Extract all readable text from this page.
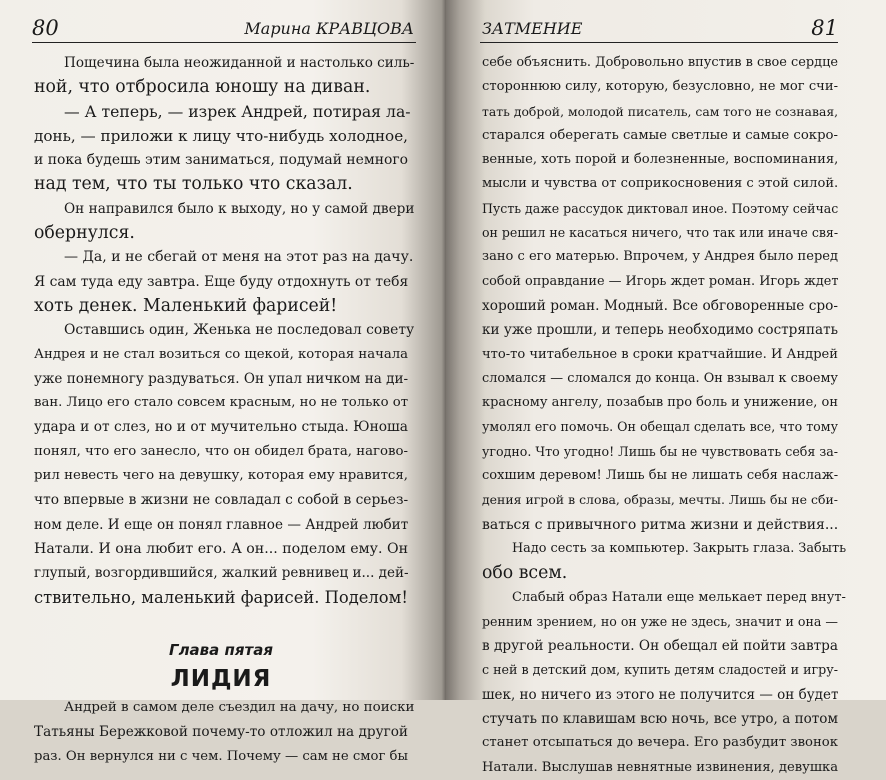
80	Марина КРАВЦОВА
Пощечина была неожиданной и настолько силь-
ной, что отбросила юношу на диван.
— А теперь, — изрек Андрей, потирая ла-
донь, — приложи к лицу что-нибудь холодное,
и пока будешь этим заниматься, подумай немного
над тем, что ты только что сказал.
Он направился было к выходу, но у самой двери
обернулся.
— Да, и не сбегай от меня на этот раз на дачу.
Я сам туда еду завтра. Еще буду отдохнуть от тебя
хоть денек. Маленький фарисей!
Оставшись один, Женька не последовал совету
Андрея и не стал возиться со щекой, которая начала
уже понемногу раздуваться. Он упал ничком на ди-
ван. Лицо его стало совсем красным, но не только от
удара и от слез, но и от мучительно стыда. Юноша
понял, что его занесло, что он обидел брата, нагово-
рил невесть чего на девушку, которая ему нравится,
что впервые в жизни не совладал с собой в серьез-
ном деле. И еще он понял главное — Андрей любит
Натали. И она любит его. А он... поделом ему. Он
глупый, возгордившийся, жалкий ревнивец и... дей-
ствительно, маленький фарисей. Поделом!
Глава пятая
ЛИДИЯ
Андрей в самом деле съездил на дачу, но поиски
Татьяны Бережковой почему-то отложил на другой
раз. Он вернулся ни с чем. Почему — сам не смог бы
ЗАТМЕНИЕ	81
себе объяснить. Добровольно впустив в свое сердце
стороннюю силу, которую, безусловно, не мог счи-
тать доброй, молодой писатель, сам того не сознавая,
старался оберегать самые светлые и самые сокро-
венные, хоть порой и болезненные, воспоминания,
мысли и чувства от соприкосновения с этой силой.
Пусть даже рассудок диктовал иное. Поэтому сейчас
он решил не касаться ничего, что так или иначе свя-
зано с его матерью. Впрочем, у Андрея было перед
собой оправдание — Игорь ждет роман. Игорь ждет
хороший роман. Модный. Все обговоренные сро-
ки уже прошли, и теперь необходимо состряпать
что-то читабельное в сроки кратчайшие. И Андрей
сломался — сломался до конца. Он взывал к своему
красному ангелу, позабыв про боль и унижение, он
умолял его помочь. Он обещал сделать все, что тому
угодно. Что угодно! Лишь бы не чувствовать себя за-
сохшим деревом! Лишь бы не лишать себя наслаж-
дения игрой в слова, образы, мечты. Лишь бы не сби-
ваться с привычного ритма жизни и действия...
Надо сесть за компьютер. Закрыть глаза. Забыть
обо всем.
Слабый образ Натали еще мелькает перед внут-
ренним зрением, но он уже не здесь, значит и она —
в другой реальности. Он обещал ей пойти завтра
с ней в детский дом, купить детям сладостей и игру-
шек, но ничего из этого не получится — он будет
стучать по клавишам всю ночь, все утро, а потом
станет отсыпаться до вечера. Его разбудит звонок
Натали. Выслушав невнятные извинения, девушка
